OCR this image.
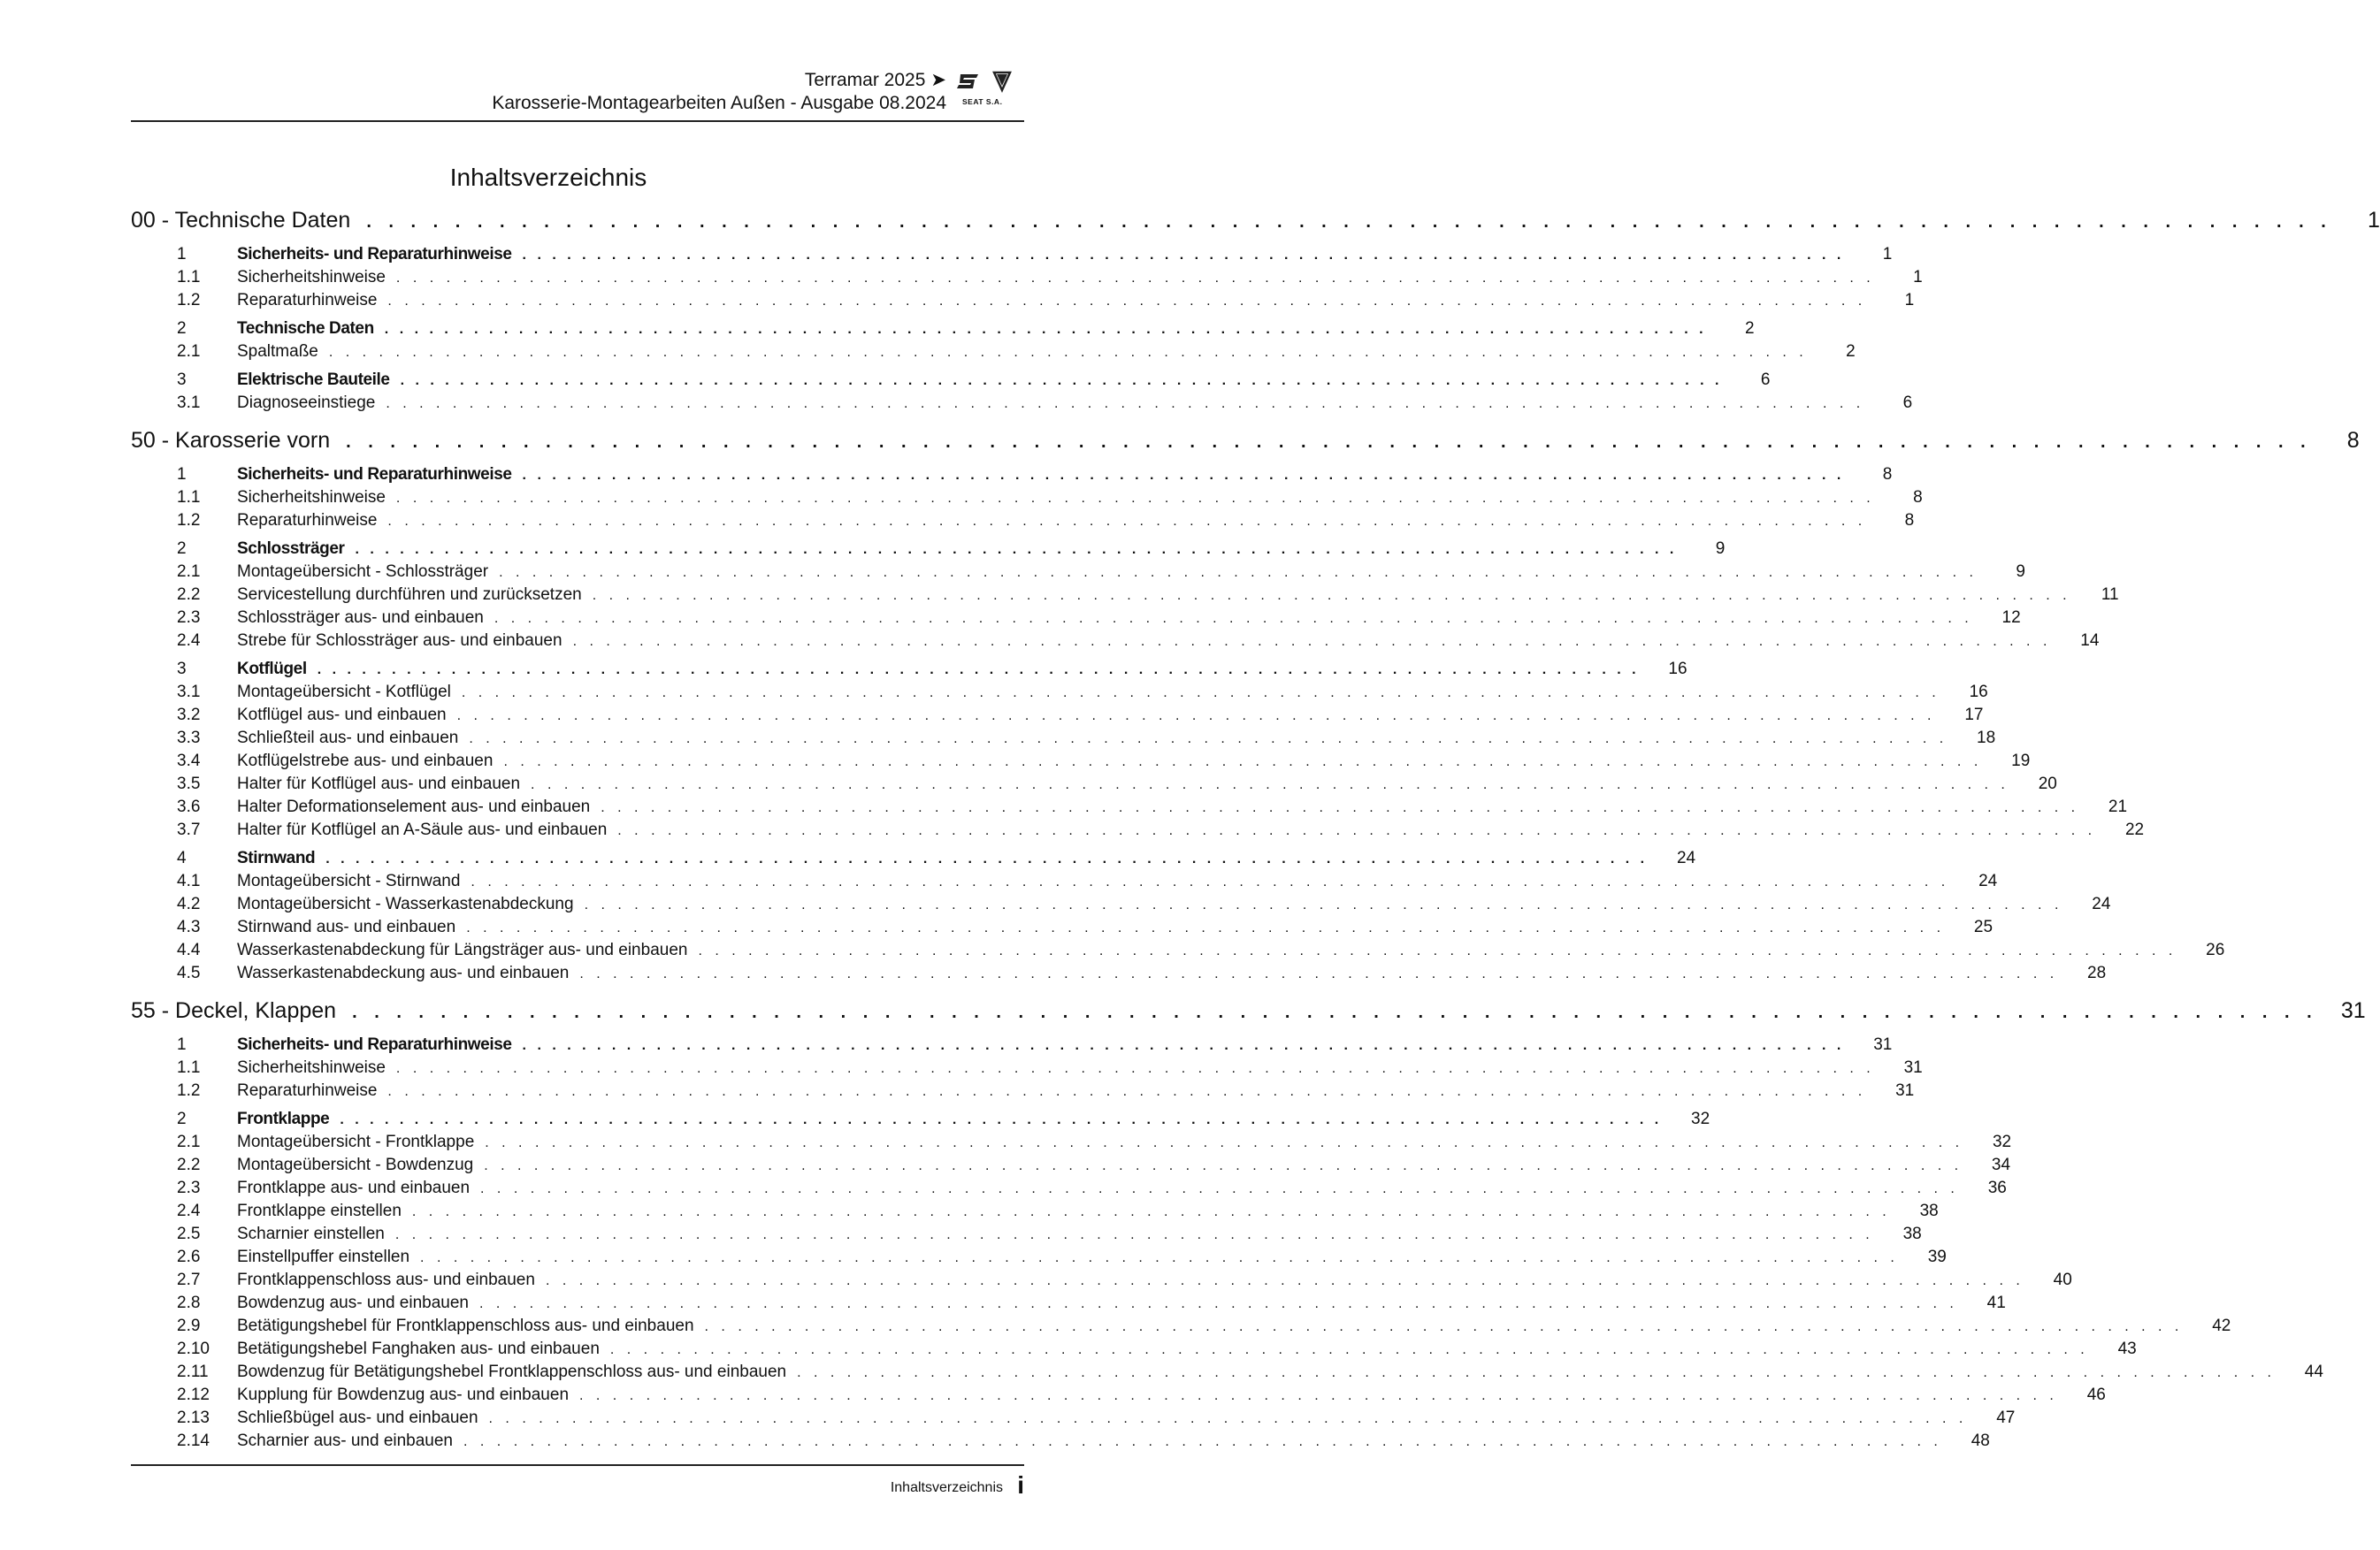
Terramar 2025 ➤
Karosserie-Montagearbeiten Außen - Ausgabe 08.2024 SEAT S.A.
Inhaltsverzeichnis
00 - Technische Daten . . . . . . . . . . . . . . . . . . . . . . . . . . . . . . . . . . . . . . . . . . . . . . . . . . . . . . . . . . . . . . . . . . . . . . . . . . . . . . . . . . . . . . . . .	1
1	Sicherheits- und Reparaturhinweise . . . . . . . . . . . . . . . . . . . . . . . . . . . . . . . . . . . . . . . . . . . . . . . . . . . . . . . . . . . . . . . . . . . . . . . . . . . . . . . . . . . . . . . . .	1
1.1	Sicherheitshinweise . . . . . . . . . . . . . . . . . . . . . . . . . . . . . . . . . . . . . . . . . . . . . . . . . . . . . . . . . . . . . . . . . . . . . . . . . . . . . . . . . . . . . . . . .	1
1.2	Reparaturhinweise . . . . . . . . . . . . . . . . . . . . . . . . . . . . . . . . . . . . . . . . . . . . . . . . . . . . . . . . . . . . . . . . . . . . . . . . . . . . . . . . . . . . . . . . .	1
2	Technische Daten . . . . . . . . . . . . . . . . . . . . . . . . . . . . . . . . . . . . . . . . . . . . . . . . . . . . . . . . . . . . . . . . . . . . . . . . . . . . . . . . . . . . . . . . .	2
2.1	Spaltmaße . . . . . . . . . . . . . . . . . . . . . . . . . . . . . . . . . . . . . . . . . . . . . . . . . . . . . . . . . . . . . . . . . . . . . . . . . . . . . . . . . . . . . . . . .	2
3	Elektrische Bauteile . . . . . . . . . . . . . . . . . . . . . . . . . . . . . . . . . . . . . . . . . . . . . . . . . . . . . . . . . . . . . . . . . . . . . . . . . . . . . . . . . . . . . . . . .	6
3.1	Diagnoseeinstiege . . . . . . . . . . . . . . . . . . . . . . . . . . . . . . . . . . . . . . . . . . . . . . . . . . . . . . . . . . . . . . . . . . . . . . . . . . . . . . . . . . . . . . . . .	6
50 - Karosserie vorn . . . . . . . . . . . . . . . . . . . . . . . . . . . . . . . . . . . . . . . . . . . . . . . . . . . . . . . . . . . . . . . . . . . . . . . . . . . . . . . . . . . . . . . . .	8
1	Sicherheits- und Reparaturhinweise . . . . . . . . . . . . . . . . . . . . . . . . . . . . . . . . . . . . . . . . . . . . . . . . . . . . . . . . . . . . . . . . . . . . . . . . . . . . . . . . . . . . . . . . .	8
1.1	Sicherheitshinweise . . . . . . . . . . . . . . . . . . . . . . . . . . . . . . . . . . . . . . . . . . . . . . . . . . . . . . . . . . . . . . . . . . . . . . . . . . . . . . . . . . . . . . . . .	8
1.2	Reparaturhinweise . . . . . . . . . . . . . . . . . . . . . . . . . . . . . . . . . . . . . . . . . . . . . . . . . . . . . . . . . . . . . . . . . . . . . . . . . . . . . . . . . . . . . . . . .	8
2	Schlossträger . . . . . . . . . . . . . . . . . . . . . . . . . . . . . . . . . . . . . . . . . . . . . . . . . . . . . . . . . . . . . . . . . . . . . . . . . . . . . . . . . . . . . . . . .	9
2.1	Montageübersicht - Schlossträger . . . . . . . . . . . . . . . . . . . . . . . . . . . . . . . . . . . . . . . . . . . . . . . . . . . . . . . . . . . . . . . . . . . . . . . . . . . . . . . . . . . . . . . . .	9
2.2	Servicestellung durchführen und zurücksetzen . . . . . . . . . . . . . . . . . . . . . . . . . . . . . . . . . . . . . . . . . . . . . . . . . . . . . . . . . . . . . . . . . . . . . . . . . . . . . . . . . . . . . . . . .	11
2.3	Schlossträger aus- und einbauen . . . . . . . . . . . . . . . . . . . . . . . . . . . . . . . . . . . . . . . . . . . . . . . . . . . . . . . . . . . . . . . . . . . . . . . . . . . . . . . . . . . . . . . . .	12
2.4	Strebe für Schlossträger aus- und einbauen . . . . . . . . . . . . . . . . . . . . . . . . . . . . . . . . . . . . . . . . . . . . . . . . . . . . . . . . . . . . . . . . . . . . . . . . . . . . . . . . . . . . . . . . .	14
3	Kotflügel . . . . . . . . . . . . . . . . . . . . . . . . . . . . . . . . . . . . . . . . . . . . . . . . . . . . . . . . . . . . . . . . . . . . . . . . . . . . . . . . . . . . . . . . .	16
3.1	Montageübersicht - Kotflügel . . . . . . . . . . . . . . . . . . . . . . . . . . . . . . . . . . . . . . . . . . . . . . . . . . . . . . . . . . . . . . . . . . . . . . . . . . . . . . . . . . . . . . . . .	16
3.2	Kotflügel aus- und einbauen . . . . . . . . . . . . . . . . . . . . . . . . . . . . . . . . . . . . . . . . . . . . . . . . . . . . . . . . . . . . . . . . . . . . . . . . . . . . . . . . . . . . . . . . .	17
3.3	Schließteil aus- und einbauen . . . . . . . . . . . . . . . . . . . . . . . . . . . . . . . . . . . . . . . . . . . . . . . . . . . . . . . . . . . . . . . . . . . . . . . . . . . . . . . . . . . . . . . . .	18
3.4	Kotflügelstrebe aus- und einbauen . . . . . . . . . . . . . . . . . . . . . . . . . . . . . . . . . . . . . . . . . . . . . . . . . . . . . . . . . . . . . . . . . . . . . . . . . . . . . . . . . . . . . . . . .	19
3.5	Halter für Kotflügel aus- und einbauen . . . . . . . . . . . . . . . . . . . . . . . . . . . . . . . . . . . . . . . . . . . . . . . . . . . . . . . . . . . . . . . . . . . . . . . . . . . . . . . . . . . . . . . . .	20
3.6	Halter Deformationselement aus- und einbauen . . . . . . . . . . . . . . . . . . . . . . . . . . . . . . . . . . . . . . . . . . . . . . . . . . . . . . . . . . . . . . . . . . . . . . . . . . . . . . . . . . . . . . . . .	21
3.7	Halter für Kotflügel an A-Säule aus- und einbauen . . . . . . . . . . . . . . . . . . . . . . . . . . . . . . . . . . . . . . . . . . . . . . . . . . . . . . . . . . . . . . . . . . . . . . . . . . . . . . . . . . . . . . . . .	22
4	Stirnwand . . . . . . . . . . . . . . . . . . . . . . . . . . . . . . . . . . . . . . . . . . . . . . . . . . . . . . . . . . . . . . . . . . . . . . . . . . . . . . . . . . . . . . . . .	24
4.1	Montageübersicht - Stirnwand . . . . . . . . . . . . . . . . . . . . . . . . . . . . . . . . . . . . . . . . . . . . . . . . . . . . . . . . . . . . . . . . . . . . . . . . . . . . . . . . . . . . . . . . .	24
4.2	Montageübersicht - Wasserkastenabdeckung . . . . . . . . . . . . . . . . . . . . . . . . . . . . . . . . . . . . . . . . . . . . . . . . . . . . . . . . . . . . . . . . . . . . . . . . . . . . . . . . . . . . . . . . .	24
4.3	Stirnwand aus- und einbauen . . . . . . . . . . . . . . . . . . . . . . . . . . . . . . . . . . . . . . . . . . . . . . . . . . . . . . . . . . . . . . . . . . . . . . . . . . . . . . . . . . . . . . . . .	25
4.4	Wasserkastenabdeckung für Längsträger aus- und einbauen . . . . . . . . . . . . . . . . . . . . . . . . . . . . . . . . . . . . . . . . . . . . . . . . . . . . . . . . . . . . . . . . . . . . . . . . . . . . . . . . . . . . . . . . .	26
4.5	Wasserkastenabdeckung aus- und einbauen . . . . . . . . . . . . . . . . . . . . . . . . . . . . . . . . . . . . . . . . . . . . . . . . . . . . . . . . . . . . . . . . . . . . . . . . . . . . . . . . . . . . . . . . .	28
55 - Deckel, Klappen . . . . . . . . . . . . . . . . . . . . . . . . . . . . . . . . . . . . . . . . . . . . . . . . . . . . . . . . . . . . . . . . . . . . . . . . . . . . . . . . . . . . . . . . .	31
1	Sicherheits- und Reparaturhinweise . . . . . . . . . . . . . . . . . . . . . . . . . . . . . . . . . . . . . . . . . . . . . . . . . . . . . . . . . . . . . . . . . . . . . . . . . . . . . . . . . . . . . . . . .	31
1.1	Sicherheitshinweise . . . . . . . . . . . . . . . . . . . . . . . . . . . . . . . . . . . . . . . . . . . . . . . . . . . . . . . . . . . . . . . . . . . . . . . . . . . . . . . . . . . . . . . . .	31
1.2	Reparaturhinweise . . . . . . . . . . . . . . . . . . . . . . . . . . . . . . . . . . . . . . . . . . . . . . . . . . . . . . . . . . . . . . . . . . . . . . . . . . . . . . . . . . . . . . . . .	31
2	Frontklappe . . . . . . . . . . . . . . . . . . . . . . . . . . . . . . . . . . . . . . . . . . . . . . . . . . . . . . . . . . . . . . . . . . . . . . . . . . . . . . . . . . . . . . . . .	32
2.1	Montageübersicht - Frontklappe . . . . . . . . . . . . . . . . . . . . . . . . . . . . . . . . . . . . . . . . . . . . . . . . . . . . . . . . . . . . . . . . . . . . . . . . . . . . . . . . . . . . . . . . .	32
2.2	Montageübersicht - Bowdenzug . . . . . . . . . . . . . . . . . . . . . . . . . . . . . . . . . . . . . . . . . . . . . . . . . . . . . . . . . . . . . . . . . . . . . . . . . . . . . . . . . . . . . . . . .	34
2.3	Frontklappe aus- und einbauen . . . . . . . . . . . . . . . . . . . . . . . . . . . . . . . . . . . . . . . . . . . . . . . . . . . . . . . . . . . . . . . . . . . . . . . . . . . . . . . . . . . . . . . . .	36
2.4	Frontklappe einstellen . . . . . . . . . . . . . . . . . . . . . . . . . . . . . . . . . . . . . . . . . . . . . . . . . . . . . . . . . . . . . . . . . . . . . . . . . . . . . . . . . . . . . . . . .	38
2.5	Scharnier einstellen . . . . . . . . . . . . . . . . . . . . . . . . . . . . . . . . . . . . . . . . . . . . . . . . . . . . . . . . . . . . . . . . . . . . . . . . . . . . . . . . . . . . . . . . .	38
2.6	Einstellpuffer einstellen . . . . . . . . . . . . . . . . . . . . . . . . . . . . . . . . . . . . . . . . . . . . . . . . . . . . . . . . . . . . . . . . . . . . . . . . . . . . . . . . . . . . . . . . .	39
2.7	Frontklappenschloss aus- und einbauen . . . . . . . . . . . . . . . . . . . . . . . . . . . . . . . . . . . . . . . . . . . . . . . . . . . . . . . . . . . . . . . . . . . . . . . . . . . . . . . . . . . . . . . . .	40
2.8	Bowdenzug aus- und einbauen . . . . . . . . . . . . . . . . . . . . . . . . . . . . . . . . . . . . . . . . . . . . . . . . . . . . . . . . . . . . . . . . . . . . . . . . . . . . . . . . . . . . . . . . .	41
2.9	Betätigungshebel für Frontklappenschloss aus- und einbauen . . . . . . . . . . . . . . . . . . . . . . . . . . . . . . . . . . . . . . . . . . . . . . . . . . . . . . . . . . . . . . . . . . . . . . . . . . . . . . . . . . . . . . . . .	42
2.10	Betätigungshebel Fanghaken aus- und einbauen . . . . . . . . . . . . . . . . . . . . . . . . . . . . . . . . . . . . . . . . . . . . . . . . . . . . . . . . . . . . . . . . . . . . . . . . . . . . . . . . . . . . . . . . .	43
2.11	Bowdenzug für Betätigungshebel Frontklappenschloss aus- und einbauen . . . . . . . . . . . . . . . . . . . . . . . . . . . . . . . . . . . . . . . . . . . . . . . . . . . . . . . . . . . . . . . . . . . . . . . . . . . . . . . . . . . . . . . . .	44
2.12	Kupplung für Bowdenzug aus- und einbauen . . . . . . . . . . . . . . . . . . . . . . . . . . . . . . . . . . . . . . . . . . . . . . . . . . . . . . . . . . . . . . . . . . . . . . . . . . . . . . . . . . . . . . . . .	46
2.13	Schließbügel aus- und einbauen . . . . . . . . . . . . . . . . . . . . . . . . . . . . . . . . . . . . . . . . . . . . . . . . . . . . . . . . . . . . . . . . . . . . . . . . . . . . . . . . . . . . . . . . .	47
2.14	Scharnier aus- und einbauen . . . . . . . . . . . . . . . . . . . . . . . . . . . . . . . . . . . . . . . . . . . . . . . . . . . . . . . . . . . . . . . . . . . . . . . . . . . . . . . . . . . . . . . . .	48
Inhaltsverzeichnis i
